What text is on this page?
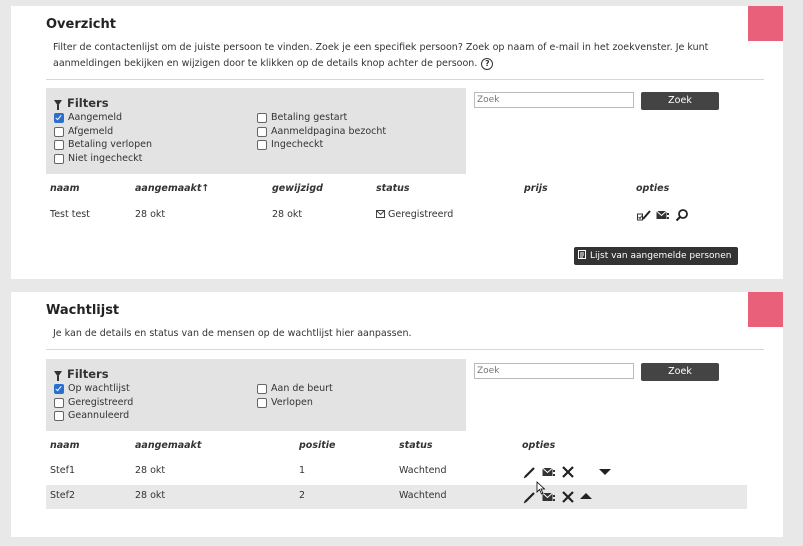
Overzicht
Filter de contactenlijst om de juiste persoon te vinden. Zoek je een specifiek persoon? Zoek op naam of e-mail in het zoekvenster. Je kunt
aanmeldingen bekijken en wijzigen door te klikken op de details knop achter de persoon. ?
Filters
Aangemeld
Afgemeld
Betaling verlopen
Niet ingecheckt
Betaling gestart
Aanmeldpagina bezocht
Ingecheckt
Zoek
Zoek
naam	aangemaakt↑	gewijzigd	status	prijs	opties
Test test	28 okt	28 okt	Geregistreerd
Lijst van aangemelde personen
Wachtlijst
Je kan de details en status van de mensen op de wachtlijst hier aanpassen.
Filters
Op wachtlijst
Geregistreerd
Geannuleerd
Aan de beurt
Verlopen
Zoek
Zoek
naam	aangemaakt	positie	status	opties
Stef1	28 okt	1	Wachtend
Stef2	28 okt	2	Wachtend
